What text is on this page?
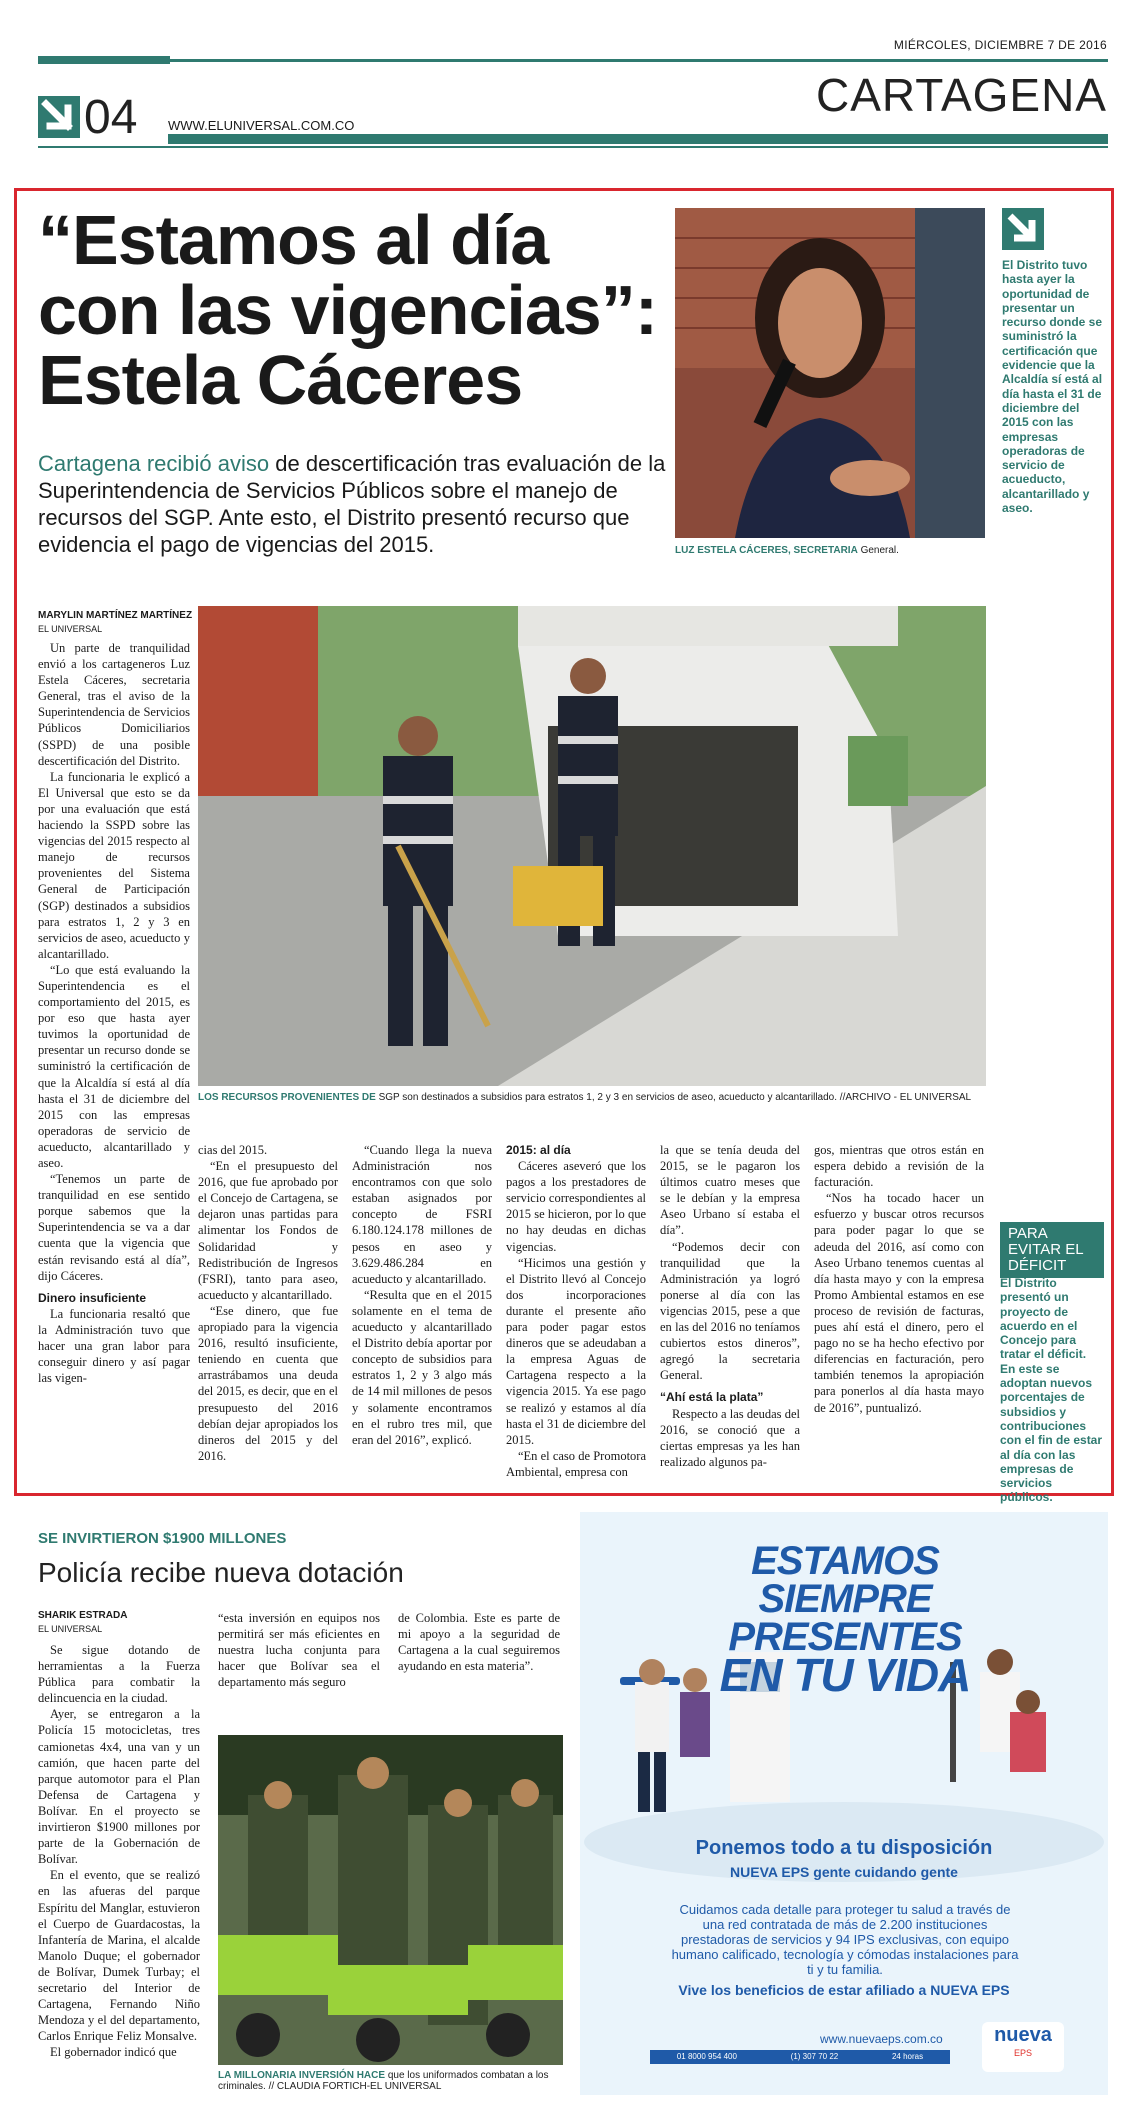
MIÉRCOLES, DICIEMBRE 7 DE 2016
CARTAGENA
04 WWW.ELUNIVERSAL.COM.CO
“Estamos al día con las vigencias”: Estela Cáceres
Cartagena recibió aviso de descertificación tras evaluación de la Superintendencia de Servicios Públicos sobre el manejo de recursos del SGP. Ante esto, el Distrito presentó recurso que evidencia el pago de vigencias del 2015.	LUZ ESTELA CÁCERES, SECRETARIA General.
El Distrito tuvo hasta ayer la oportunidad de presentar un recurso donde se suministró la certificación que evidencie que la Alcaldía sí está al día hasta el 31 de diciembre del 2015 con las empresas operadoras de servicio de acueducto, alcantarillado y aseo.
MARYLIN MARTÍNEZ MARTÍNEZ
EL UNIVERSAL
LOS RECURSOS PROVENIENTES DE SGP son destinados a subsidios para estratos 1, 2 y 3 en servicios de aseo, acueducto y alcantarillado. //ARCHIVO - EL UNIVERSAL

Un parte de tranquilidad envió a los cartageneros Luz Estela Cáceres, secretaria General, tras el aviso de la Superintendencia de Servicios Públicos Domiciliarios (SSPD) de una posible descertificación del Distrito.

La funcionaria le explicó a El Universal que esto se da por una evaluación que está haciendo la SSPD sobre las vigencias del 2015 respecto al manejo de recursos provenientes del Sistema General de Participación (SGP) destinados a subsidios para estratos 1, 2 y 3 en servicios de aseo, acueducto y alcantarillado.

“Lo que está evaluando la Superintendencia es el comportamiento del 2015, es por eso que hasta ayer tuvimos la oportunidad de presentar un recurso donde se suministró la certificación de que la Alcaldía sí está al día hasta el 31 de diciembre del 2015 con las empresas operadoras de servicio de acueducto, alcantarillado y aseo.

“Tenemos un parte de tranquilidad en ese sentido porque sabemos que la Superintendencia se va a dar cuenta que la vigencia que están revisando está al día”, dijo Cáceres.

Dinero insuficiente

La funcionaria resaltó que la Administración tuvo que hacer una gran labor para conseguir dinero y así pagar las vigen-

cias del 2015.

“En el presupuesto del 2016, que fue aprobado por el Concejo de Cartagena, se dejaron unas partidas para alimentar los Fondos de Solidaridad y Redistribución de Ingresos (FSRI), tanto para aseo, acueducto y alcantarillado.

“Ese dinero, que fue apropiado para la vigencia 2016, resultó insuficiente, teniendo en cuenta que arrastrábamos una deuda del 2015, es decir, que en el presupuesto del 2016 debían dejar apropiados los dineros del 2015 y del 2016.

“Cuando llega la nueva Administración nos encontramos con que solo estaban asignados por concepto de FSRI 6.180.124.178 millones de pesos en aseo y 3.629.486.284 en acueducto y alcantarillado.

“Resulta que en el 2015 solamente en el tema de acueducto y alcantarillado el Distrito debía aportar por concepto de subsidios para estratos 1, 2 y 3 algo más de 14 mil millones de pesos y solamente encontramos en el rubro tres mil, que eran del 2016”, explicó.

2015: al día

Cáceres aseveró que los pagos a los prestadores de servicio correspondientes al 2015 se hicieron, por lo que no hay deudas en dichas vigencias.

“Hicimos una gestión y el Distrito llevó al Concejo dos incorporaciones durante el presente año para poder pagar estos dineros que se adeudaban a la empresa Aguas de Cartagena respecto a la vigencia 2015. Ya ese pago se realizó y estamos al día hasta el 31 de diciembre del 2015.

“En el caso de Promotora Ambiental, empresa con

la que se tenía deuda del 2015, se le pagaron los últimos cuatro meses que se le debían y la empresa Aseo Urbano sí estaba el día”.

“Podemos decir con tranquilidad que la Administración ya logró ponerse al día con las vigencias 2015, pese a que en las del 2016 no teníamos cubiertos estos dineros”, agregó la secretaria General.

“Ahí está la plata”

Respecto a las deudas del 2016, se conoció que a ciertas empresas ya les han realizado algunos pa-

gos, mientras que otros están en espera debido a revisión de la facturación.

“Nos ha tocado hacer un esfuerzo y buscar otros recursos para poder pagar lo que se adeuda del 2016, así como con Aseo Urbano tenemos cuentas al día hasta mayo y con la empresa Promo Ambiental estamos en ese proceso de revisión de facturas, pues ahí está el dinero, pero el pago no se ha hecho efectivo por diferencias en facturación, pero también tenemos la apropiación para ponerlos al día hasta mayo de 2016”, puntualizó.

PARA EVITAR EL DÉFICIT
El Distrito presentó un proyecto de acuerdo en el Concejo para tratar el déficit. En este se adoptan nuevos porcentajes de subsidios y contribuciones con el fin de estar al día con las empresas de servicios públicos.
SE INVIRTIERON $1900 MILLONES
Policía recibe nueva dotación
SHARIK ESTRADA
EL UNIVERSAL

Se sigue dotando de herramientas a la Fuerza Pública para combatir la delincuencia en la ciudad.

Ayer, se entregaron a la Policía 15 motocicletas, tres camionetas 4x4, una van y un camión, que hacen parte del parque automotor para el Plan Defensa de Cartagena y Bolívar. En el proyecto se invirtieron $1900 millones por parte de la Gobernación de Bolívar.

En el evento, que se realizó en las afueras del parque Espíritu del Manglar, estuvieron el Cuerpo de Guardacostas, la Infantería de Marina, el alcalde Manolo Duque; el gobernador de Bolívar, Dumek Turbay; el secretario del Interior de Cartagena, Fernando Niño Mendoza y el del departamento, Carlos Enrique Feliz Monsalve.

El gobernador indicó que

“esta inversión en equipos nos permitirá ser más eficientes en nuestra lucha conjunta para hacer que Bolívar sea el departamento más seguro

de Colombia. Este es parte de mi apoyo a la seguridad de Cartagena a la cual seguiremos ayudando en esta materia”.

LA MILLONARIA INVERSIÓN HACE que los uniformados combatan a los criminales. // CLAUDIA FORTICH-EL UNIVERSAL
ESTAMOS
SIEMPRE
PRESENTES
EN TU VIDA
Ponemos todo a tu disposición
NUEVA EPS gente cuidando gente
Cuidamos cada detalle para proteger tu salud a través de una red contratada de más de 2.200 instituciones prestadoras de servicios y 94 IPS exclusivas, con equipo humano calificado, tecnología y cómodas instalaciones para ti y tu familia.
Vive los beneficios de estar afiliado a NUEVA EPS
www.nuevaeps.com.co
01 8000 954 400	(1) 307 70 22	24 horas
nueva
EPS
